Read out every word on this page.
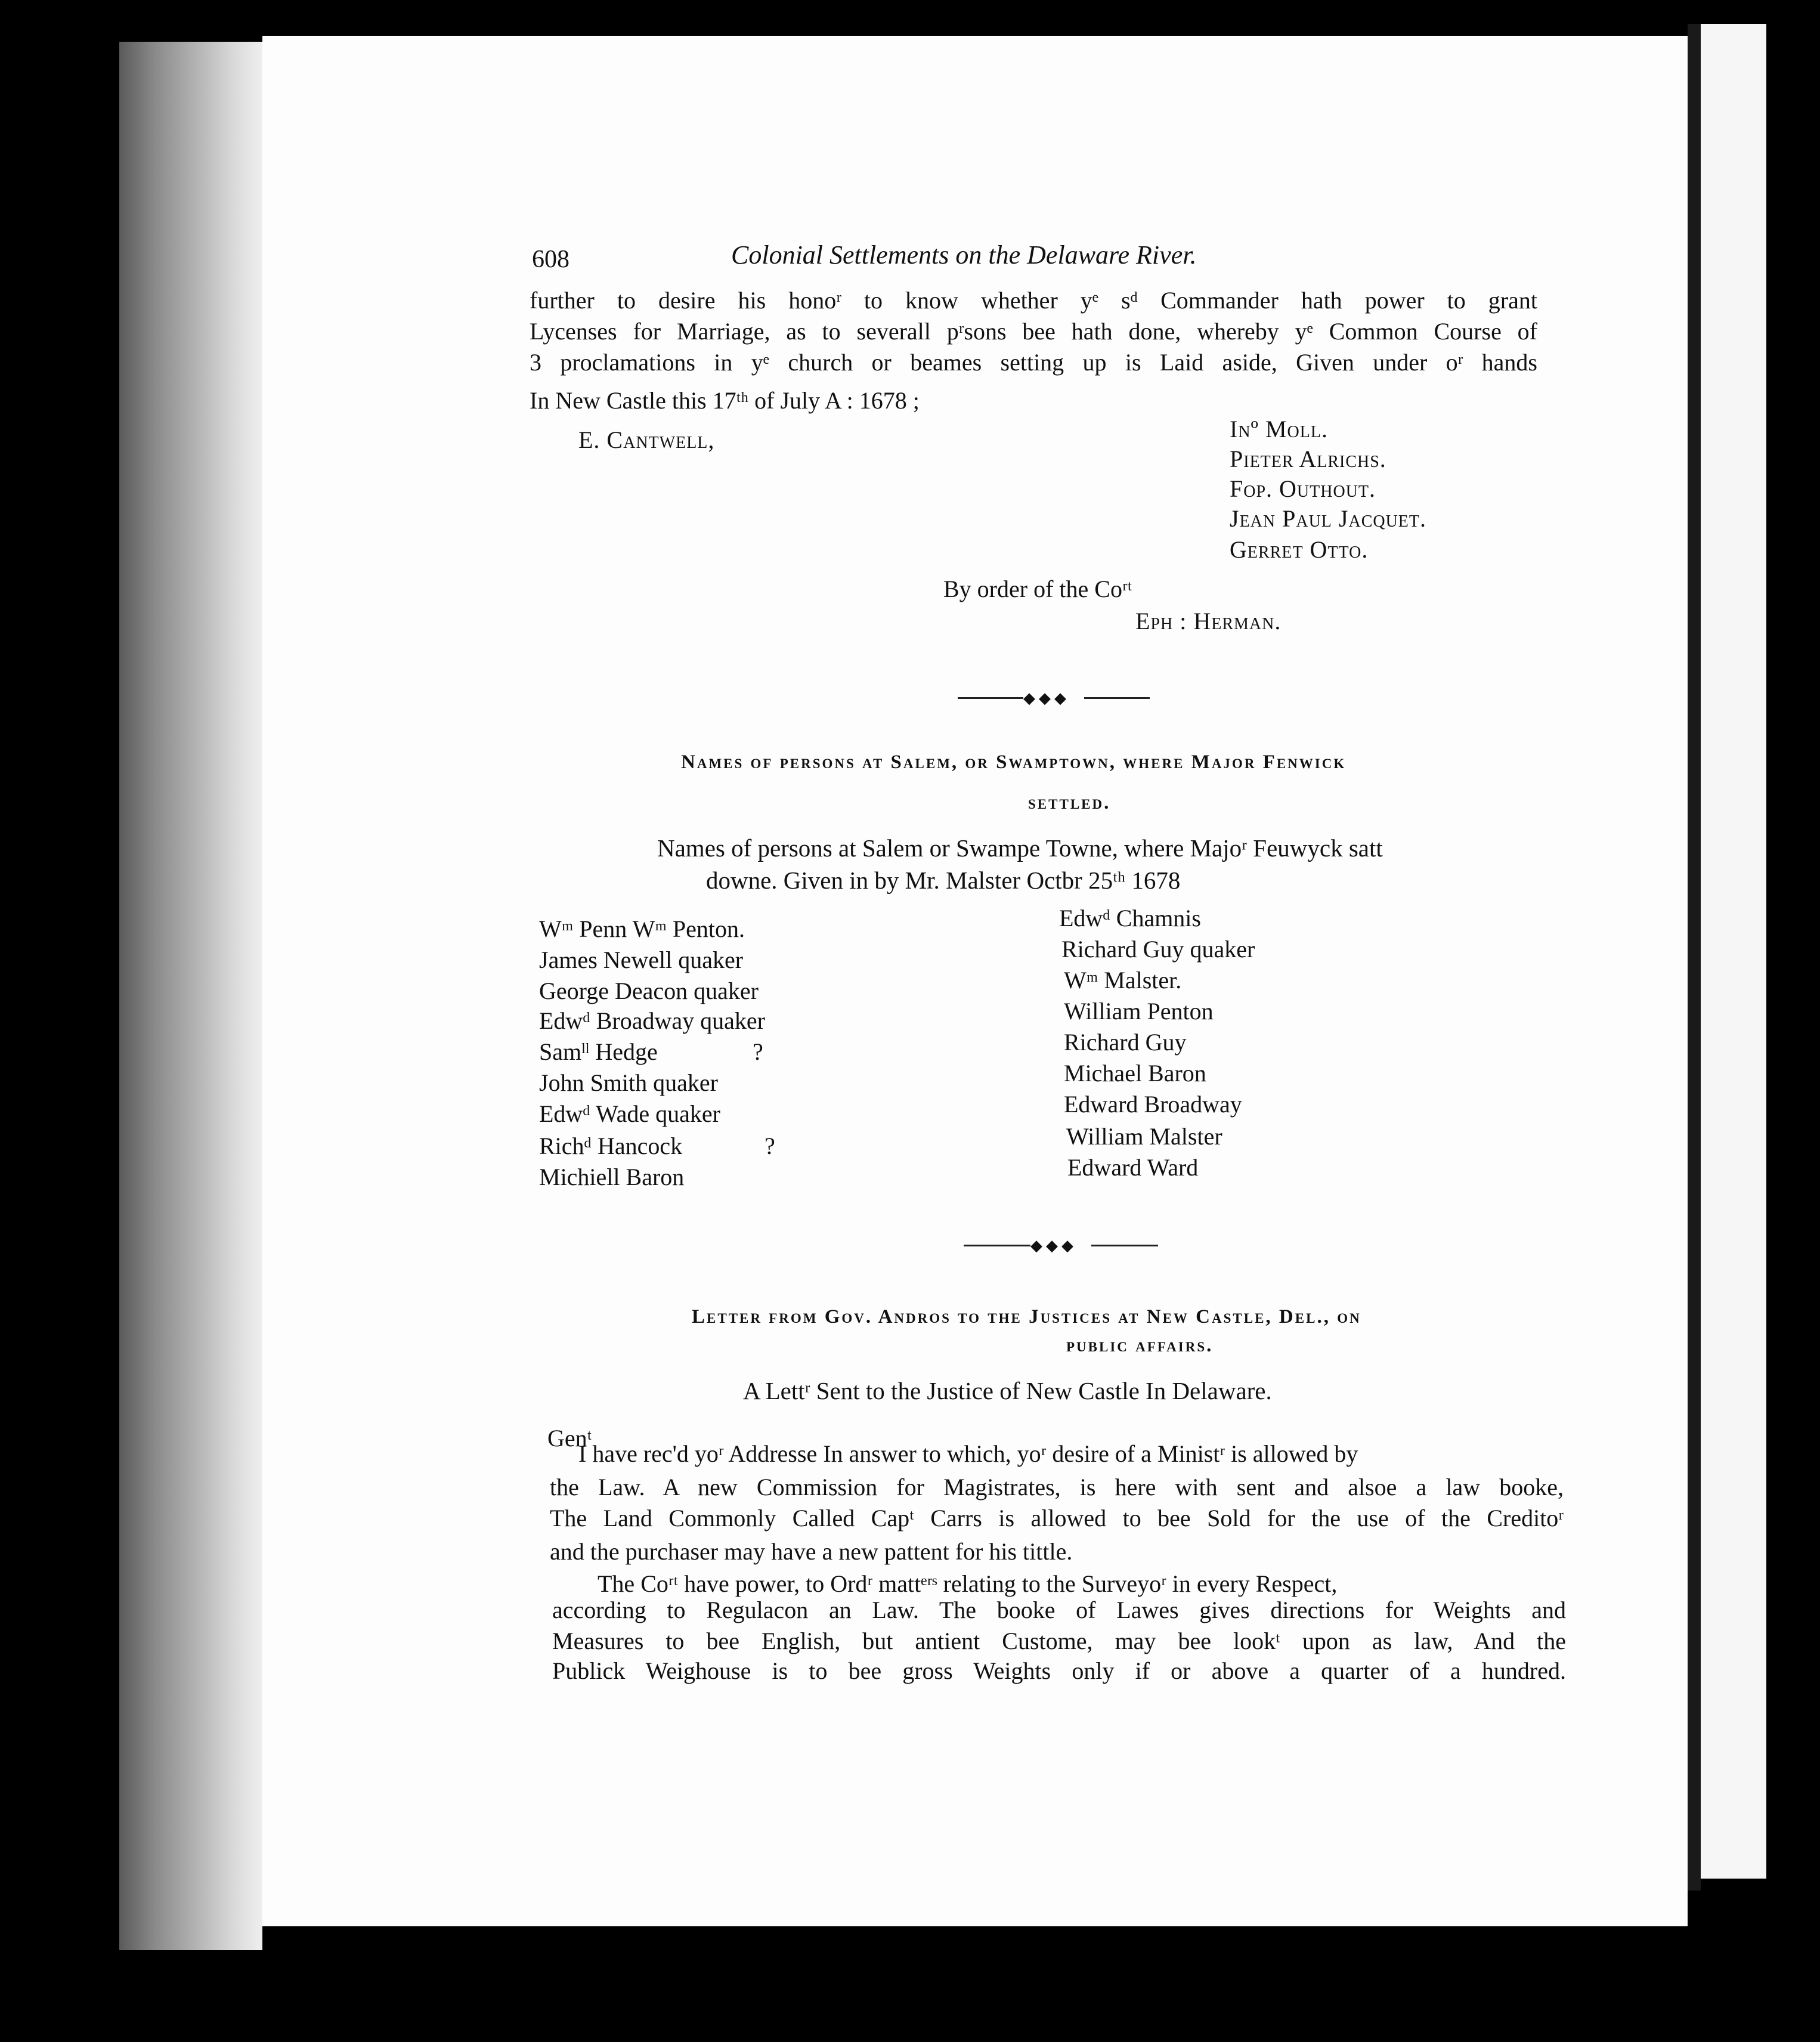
608	Colonial Settlements on the Delaware River.
further to desire his honoʳ to know whether yᵉ sᵈ Commander hath power to grant
Lycenses for Marriage, as to severall pʳsons bee hath done, whereby yᵉ Common Course of
3 proclamations in yᵉ church or beames setting up is Laid aside, Given under oʳ hands
In New Castle this 17ᵗʰ of July A : 1678 ;
E. Cantwell,	Inº Moll.
Pieter Alrichs.
Fop. Outhout.
Jean Paul Jacquet.
Gerret Otto.
By order of the Coʳᵗ
Eph : Herman.
◆◆◆
Names of persons at Salem, or Swamptown, where Major Fenwick
settled.
Names of persons at Salem or Swampe Towne, where Majoʳ Feuwyck satt
downe. Given in by Mr. Malster Octbr 25ᵗʰ 1678
Wᵐ Penn Wᵐ Penton.
James Newell quaker
George Deacon quaker
Edwᵈ Broadway quaker
Samˡˡ Hedge
John Smith quaker
Edwᵈ Wade quaker
Richᵈ Hancock
Michiell Baron
?
?
Edwᵈ Chamnis
Richard Guy quaker
Wᵐ Malster.
William Penton
Richard Guy
Michael Baron
Edward Broadway
William Malster
Edward Ward
◆◆◆
Letter from Gov. Andros to the Justices at New Castle, Del., on
public affairs.
A Lettʳ Sent to the Justice of New Castle In Delaware.
Genᵗ
I have rec'd yoʳ Addresse In answer to which, yoʳ desire of a Ministʳ is allowed by
the Law. A new Commission for Magistrates, is here with sent and alsoe a law booke,
The Land Commonly Called Capᵗ Carrs is allowed to bee Sold for the use of the Creditoʳ
and the purchaser may have a new pattent for his tittle.
The Coʳᵗ have power, to Ordʳ mattᵉʳˢ relating to the Surveyoʳ in every Respect,
according to Regulacon an Law. The booke of Lawes gives directions for Weights and
Measures to bee English, but antient Custome, may bee lookᵗ upon as law, And the
Publick Weighouse is to bee gross Weights only if or above a quarter of a hundred.
